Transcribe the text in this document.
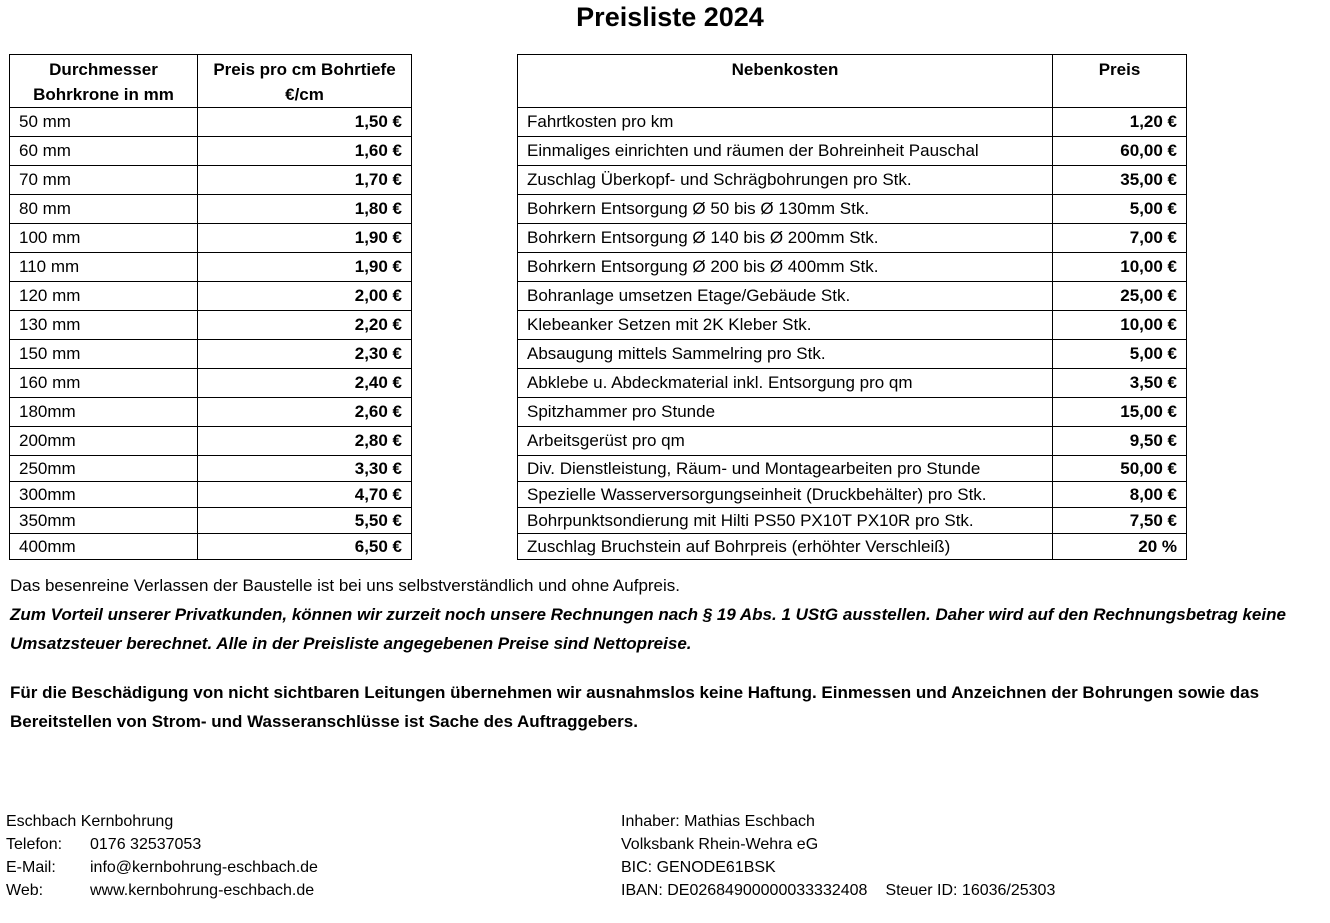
Preisliste 2024
Durchmesser
Bohrkrone in mm	Preis pro cm Bohrtiefe
€/cm
50 mm	1,50 €
60 mm	1,60 €
70 mm	1,70 €
80 mm	1,80 €
100 mm	1,90 €
110 mm	1,90 €
120 mm	2,00 €
130 mm	2,20 €
150 mm	2,30 €
160 mm	2,40 €
180mm	2,60 €
200mm	2,80 €
250mm	3,30 €
300mm	4,70 €
350mm	5,50 €
400mm	6,50 €
Nebenkosten	Preis
Fahrtkosten pro km	1,20 €
Einmaliges einrichten und räumen der Bohreinheit Pauschal	60,00 €
Zuschlag Überkopf- und Schrägbohrungen pro Stk.	35,00 €
Bohrkern Entsorgung Ø 50 bis Ø 130mm Stk.	5,00 €
Bohrkern Entsorgung Ø 140 bis Ø 200mm Stk.	7,00 €
Bohrkern Entsorgung Ø 200 bis Ø 400mm Stk.	10,00 €
Bohranlage umsetzen Etage/Gebäude Stk.	25,00 €
Klebeanker Setzen mit 2K Kleber Stk.	10,00 €
Absaugung mittels Sammelring pro Stk.	5,00 €
Abklebe u. Abdeckmaterial inkl. Entsorgung pro qm	3,50 €
Spitzhammer pro Stunde	15,00 €
Arbeitsgerüst pro qm	9,50 €
Div. Dienstleistung, Räum- und Montagearbeiten pro Stunde	50,00 €
Spezielle Wasserversorgungseinheit (Druckbehälter) pro Stk.	8,00 €
Bohrpunktsondierung mit Hilti PS50 PX10T PX10R pro Stk.	7,50 €
Zuschlag Bruchstein auf Bohrpreis (erhöhter Verschleiß)	20 %

Das besenreine Verlassen der Baustelle ist bei uns selbstverständlich und ohne Aufpreis.

Zum Vorteil unserer Privatkunden, können wir zurzeit noch unsere Rechnungen nach § 19 Abs. 1 UStG ausstellen. Daher wird auf den Rechnungsbetrag keine Umsatzsteuer berechnet. Alle in der Preisliste angegebenen Preise sind Nettopreise.

Für die Beschädigung von nicht sichtbaren Leitungen übernehmen wir ausnahmslos keine Haftung. Einmessen und Anzeichnen der Bohrungen sowie das Bereitstellen von Strom- und Wasseranschlüsse ist Sache des Auftraggebers.

Eschbach Kernbohrung
Telefon: 0176 32537053
E-Mail: info@kernbohrung-eschbach.de
Web:	www.kernbohrung-eschbach.de
Inhaber: Mathias Eschbach
Volksbank Rhein-Wehra eG
BIC: GENODE61BSK
IBAN: DE02684900000033332408 Steuer ID: 16036/25303
